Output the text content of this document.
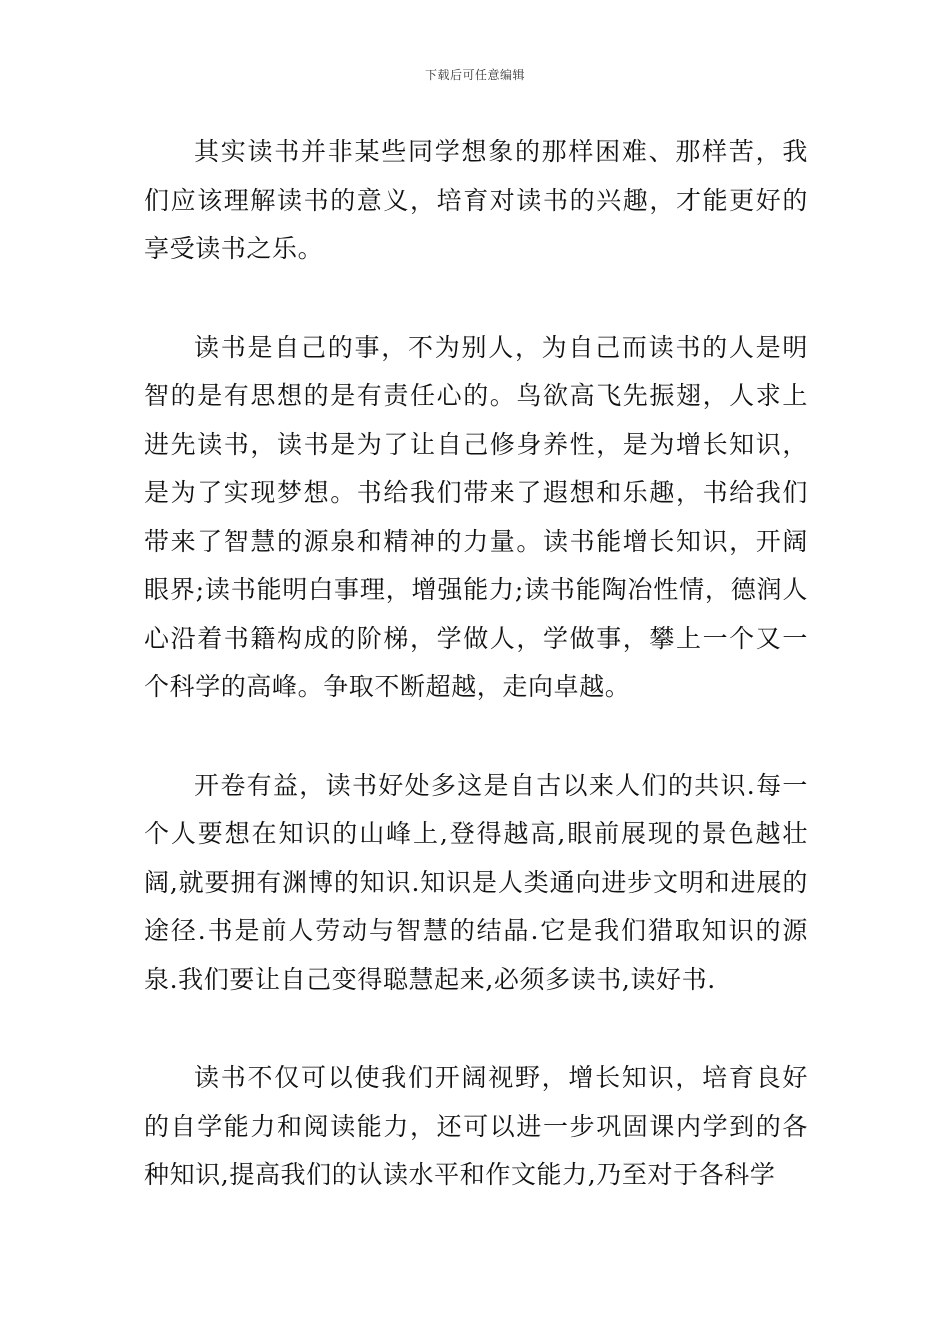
下载后可任意编辑

其实读书并非某些同学想象的那样困难、那样苦，我们应该理解读书的意义，培育对读书的兴趣，才能更好的享受读书之乐。

读书是自己的事，不为别人，为自己而读书的人是明智的是有思想的是有责任心的。鸟欲高飞先振翅，人求上进先读书，读书是为了让自己修身养性，是为增长知识，是为了实现梦想。书给我们带来了遐想和乐趣，书给我们带来了智慧的源泉和精神的力量。读书能增长知识，开阔眼界;读书能明白事理，增强能力;读书能陶冶性情，德润人心沿着书籍构成的阶梯，学做人，学做事，攀上一个又一个科学的高峰。争取不断超越，走向卓越。

开卷有益，读书好处多这是自古以来人们的共识.每一个人要想在知识的山峰上,登得越高,眼前展现的景色越壮阔,就要拥有渊博的知识.知识是人类通向进步文明和进展的途径.书是前人劳动与智慧的结晶.它是我们猎取知识的源泉.我们要让自己变得聪慧起来,必须多读书,读好书.

读书不仅可以使我们开阔视野，增长知识，培育良好的自学能力和阅读能力，还可以进一步巩固课内学到的各种知识,提高我们的认读水平和作文能力,乃至对于各科学
